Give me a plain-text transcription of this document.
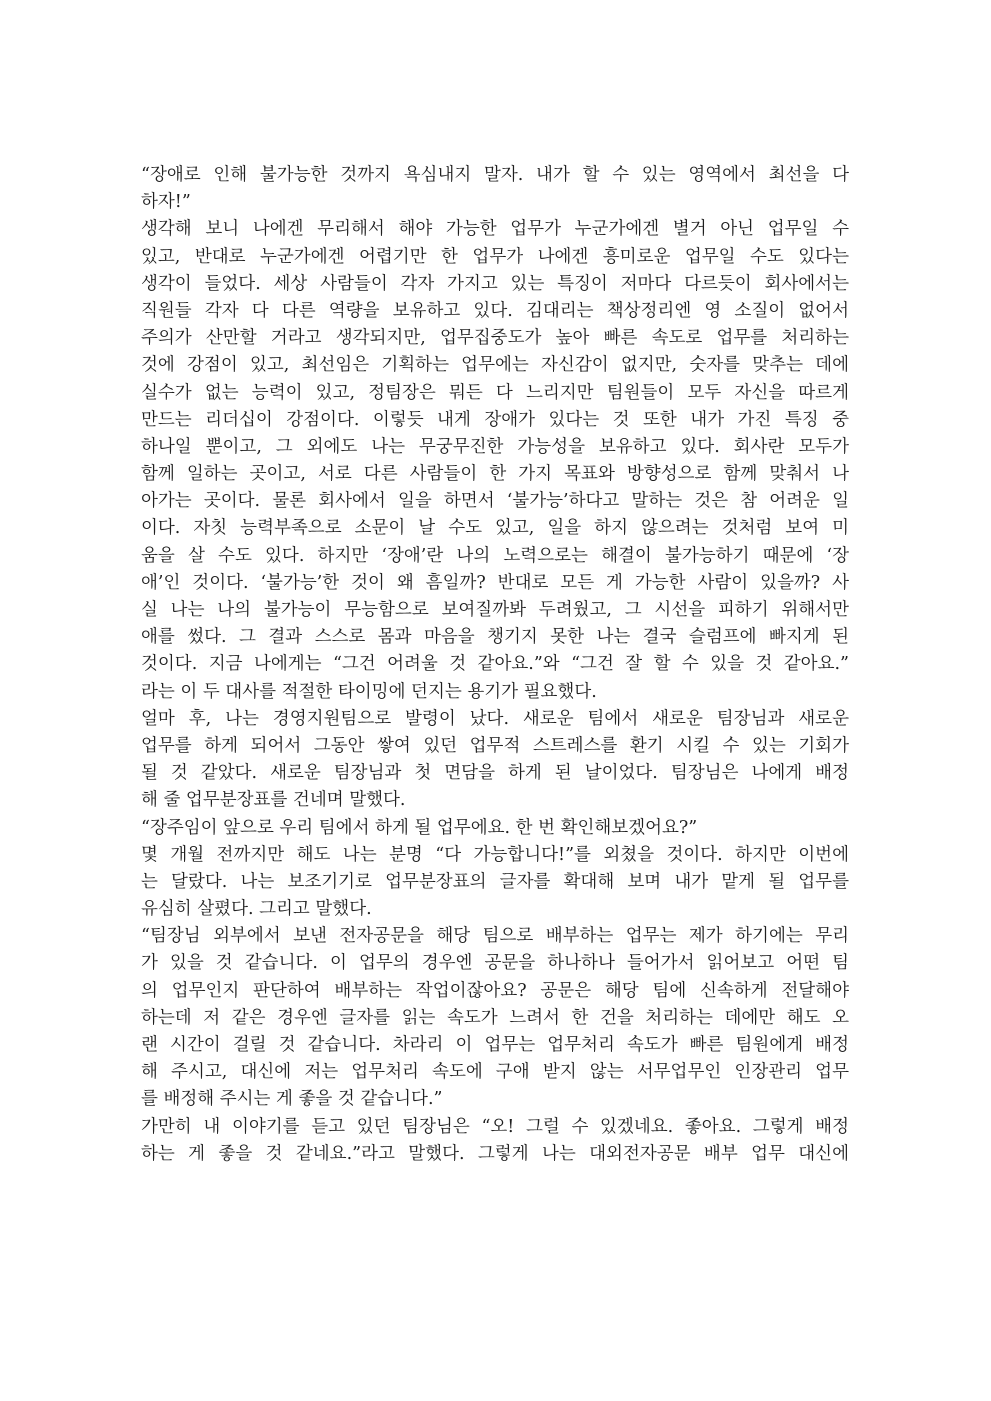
“장애로 인해 불가능한 것까지 욕심내지 말자. 내가 할 수 있는 영역에서 최선을 다
하자!”
생각해 보니 나에겐 무리해서 해야 가능한 업무가 누군가에겐 별거 아닌 업무일 수
있고, 반대로 누군가에겐 어렵기만 한 업무가 나에겐 흥미로운 업무일 수도 있다는
생각이 들었다. 세상 사람들이 각자 가지고 있는 특징이 저마다 다르듯이 회사에서는
직원들 각자 다 다른 역량을 보유하고 있다. 김대리는 책상정리엔 영 소질이 없어서
주의가 산만할 거라고 생각되지만, 업무집중도가 높아 빠른 속도로 업무를 처리하는
것에 강점이 있고, 최선임은 기획하는 업무에는 자신감이 없지만, 숫자를 맞추는 데에
실수가 없는 능력이 있고, 정팀장은 뭐든 다 느리지만 팀원들이 모두 자신을 따르게
만드는 리더십이 강점이다. 이렇듯 내게 장애가 있다는 것 또한 내가 가진 특징 중
하나일 뿐이고, 그 외에도 나는 무궁무진한 가능성을 보유하고 있다. 회사란 모두가
함께 일하는 곳이고, 서로 다른 사람들이 한 가지 목표와 방향성으로 함께 맞춰서 나
아가는 곳이다. 물론 회사에서 일을 하면서 ‘불가능’하다고 말하는 것은 참 어려운 일
이다. 자칫 능력부족으로 소문이 날 수도 있고, 일을 하지 않으려는 것처럼 보여 미
움을 살 수도 있다. 하지만 ‘장애’란 나의 노력으로는 해결이 불가능하기 때문에 ‘장
애’인 것이다. ‘불가능’한 것이 왜 흠일까? 반대로 모든 게 가능한 사람이 있을까? 사
실 나는 나의 불가능이 무능함으로 보여질까봐 두려웠고, 그 시선을 피하기 위해서만
애를 썼다. 그 결과 스스로 몸과 마음을 챙기지 못한 나는 결국 슬럼프에 빠지게 된
것이다. 지금 나에게는 “그건 어려울 것 같아요.”와 “그건 잘 할 수 있을 것 같아요.”
라는 이 두 대사를 적절한 타이밍에 던지는 용기가 필요했다.
얼마 후, 나는 경영지원팀으로 발령이 났다. 새로운 팀에서 새로운 팀장님과 새로운
업무를 하게 되어서 그동안 쌓여 있던 업무적 스트레스를 환기 시킬 수 있는 기회가
될 것 같았다. 새로운 팀장님과 첫 면담을 하게 된 날이었다. 팀장님은 나에게 배정
해 줄 업무분장표를 건네며 말했다.
“장주임이 앞으로 우리 팀에서 하게 될 업무에요. 한 번 확인해보겠어요?”
몇 개월 전까지만 해도 나는 분명 “다 가능합니다!”를 외쳤을 것이다. 하지만 이번에
는 달랐다. 나는 보조기기로 업무분장표의 글자를 확대해 보며 내가 맡게 될 업무를
유심히 살폈다. 그리고 말했다.
“팀장님 외부에서 보낸 전자공문을 해당 팀으로 배부하는 업무는 제가 하기에는 무리
가 있을 것 같습니다. 이 업무의 경우엔 공문을 하나하나 들어가서 읽어보고 어떤 팀
의 업무인지 판단하여 배부하는 작업이잖아요? 공문은 해당 팀에 신속하게 전달해야
하는데 저 같은 경우엔 글자를 읽는 속도가 느려서 한 건을 처리하는 데에만 해도 오
랜 시간이 걸릴 것 같습니다. 차라리 이 업무는 업무처리 속도가 빠른 팀원에게 배정
해 주시고, 대신에 저는 업무처리 속도에 구애 받지 않는 서무업무인 인장관리 업무
를 배정해 주시는 게 좋을 것 같습니다.”
가만히 내 이야기를 듣고 있던 팀장님은 “오! 그럴 수 있겠네요. 좋아요. 그렇게 배정
하는 게 좋을 것 같네요.”라고 말했다. 그렇게 나는 대외전자공문 배부 업무 대신에
